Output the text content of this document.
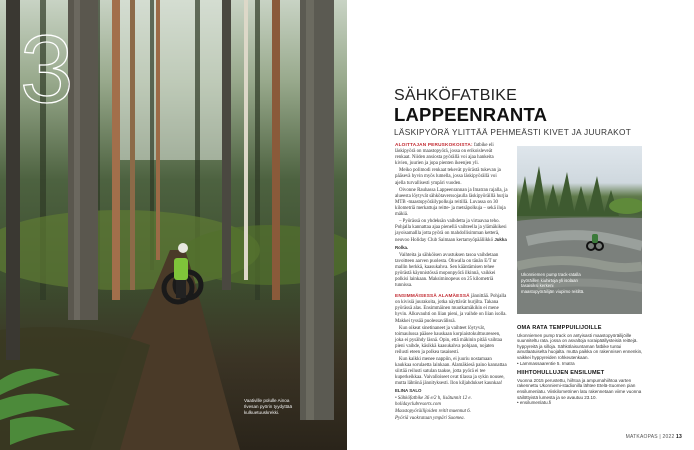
3
Vaativille polulle Ainoa Ilvesan pyörin tyydyttää kulkuetuuskrekki.
SÄHKÖFATBIKE
LAPPEENRANTA
LÄSKIPYÖRÄ YLITTÄÄ PEHMEÄSTI KIVET JA JUURAKOT

ALOITTAJAN PERUSKOKOISTA: fatbike eli läskipyörä on maastopyörä, jossa on erikoisleveät renkaat. Niiden ansiosta pyörällä voi ajaa hankeita kivien, juurien ja jopa pienten ikeenjen yli.

Meiko polimodi renkaat tekevät pyörästä tukevan ja pääsevä hyvin myös lumella, jossa läskipyörällä voi ajella turvallisesti ympäri vuoden.

Oivonne Rauhassa Lappeenrannan ja Imatran rajalla, ja alueesta löytyvät sähkötaverssojaulla läskipyöräillä hurjia MTB -maastopyöräilypolkuja reitillä. Luvassa on 30 kilometriä merkattuja reitte- ja metsäpolkuja – sekä iloja mäkiä.

– Pyörässä on yhdeksän vaihdetta ja virtaavaa teho. Pohjalla kannattaa ajaa pienellä vaihteella ja ylämäkikesi jayoisamallla jotta pyörä on mahdollisimman ketterä, neuvoo Holiday Club Saimaan kertamyöpääliikkö Jukka Rolka.

Vaihteita ja sähköisen avustuksen tasoa vaihdetaan tavoitteen aarven puolesta. Ohwalla on tänän E/T nr mallin herkkä, kaasukahva. Sen kääntämisen tehee pyörästä käynnistössä moponpyörä ilkinnä, vaikkei polkisi lainkaan. Maksiminopeus on 25 kilometriä tunnissa.

ENSIMMÄISESSÄ ALAMÄESSÄ jännittää. Pohjalla on kivisiä juurakoita, jotka näyttävät hurjilta. Takana pyörässä alas. Ensimmäinen muutkamäkikin ei mene hyvin. Alkuvauhti on liian pieni, ja vaihde on liian isolla. Makkei tyssää puolessavälissä.

Kun oikeat sinetinaneet ja vaihteet löytyvät, toimaulussa pääsee hauskaan korpiaistokulttuureseen, joka ei pysähdy läsnä. Opin, että mäkinin pitää vaihtaa pieni vaihde, käsikkä kaasukahva pohjaan, nojaten reilusti eteen ja polkea tasaisesti.

Kun kaikki menee nappiin, ei juuriu nostamaan kaukkaa sorulaetta lainkaan. Alamäkiesä paino kannattaa siirtää reilusti satulan taakse, jotta pyörä ei tee kuperkeikkaa. Vaivalloiseet ovat tilassa ja sykin nousee, mutta lähtönä jännityksesti. Ilon kiljahdukset kaunkaa! ELINA SALO

• Sähköfatbike 36 e/2 h, lisätunnit 12 e. holidayclubresorts.com

Maastopyöräilijoiden reitit muennut 6.

Pyöriä vuokrataan ympäri Suomea.

Ukonniemen pump track-ratalla pyöräillen kiuhirtoja yli isolaan tasaisiksi kerkeni maastopyöräilijän viupimo reitiltä.
OMA RATA TEMPPUILIJOILLE
Ukonniemen pump track on antyisasti maastopyöräilijöille suunniteltu rata. jossa on asvaltoja soraipäällysteisiä reittejä. hyppyreitä ja silloja. Sähkölaisuntaman fatbike tuntui ainutlaatuiselta huojalta. mutta paikka on rakennisen ennenkin, vaikkei hyppyreiden rohkeutenkaan.
• Lammassaarentie 5. Imatra
HIIHTOHULLUJEN ENSILUMET
Vuonna 2015 perustettu, hiihtoa ja ampumahiihtoa varten rakennettu Ukonniemi-stadionilla lähtee Etelä-Suomen pian ensilumenlatu. Viiskilometrinen latu rakennetaan viime vuonna säilöttyistä lumesta ja se avautuu 23.10.
• ensilumenlatu.fi
MATKAOPAS | 2022 13
